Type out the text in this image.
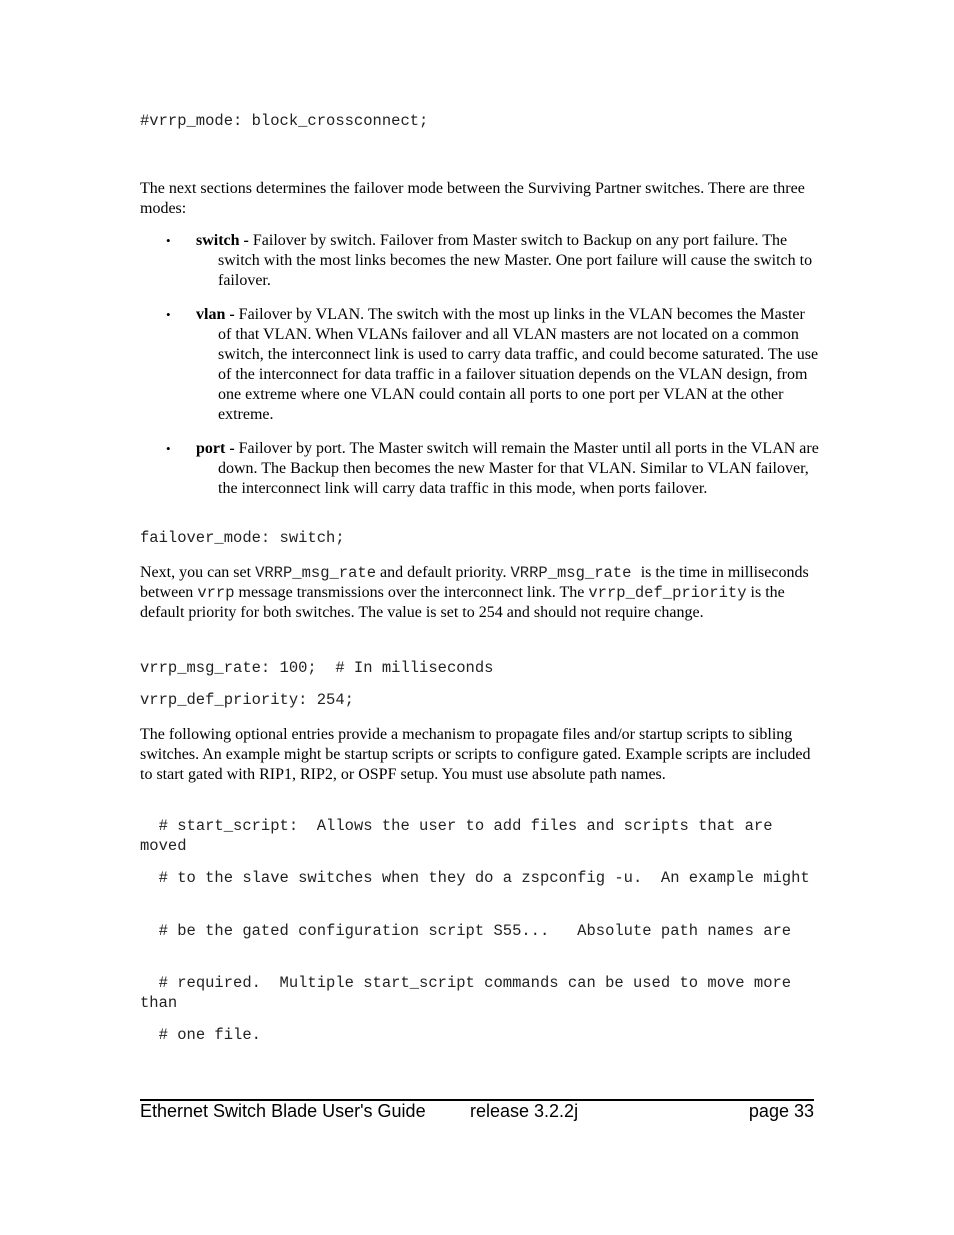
#vrrp_mode: block_crossconnect;
The next sections determines the failover mode between the Surviving Partner switches. There are three modes:
•	switch - Failover by switch. Failover from Master switch to Backup on any port failure. The switch with the most links becomes the new Master. One port failure will cause the switch to failover.
•	vlan - Failover by VLAN. The switch with the most up links in the VLAN becomes the Master of that VLAN. When VLANs failover and all VLAN masters are not located on a common switch, the interconnect link is used to carry data traffic, and could become saturated. The use of the interconnect for data traffic in a failover situation depends on the VLAN design, from one extreme where one VLAN could contain all ports to one port per VLAN at the other extreme.
•	port - Failover by port. The Master switch will remain the Master until all ports in the VLAN are down. The Backup then becomes the new Master for that VLAN. Similar to VLAN failover, the interconnect link will carry data traffic in this mode, when ports failover.
failover_mode: switch;
Next, you can set VRRP_msg_rate and default priority. VRRP_msg_rate is the time in milliseconds between vrrp message transmissions over the interconnect link. The vrrp_def_priority is the default priority for both switches. The value is set to 254 and should not require change.
vrrp_msg_rate: 100;  # In milliseconds
vrrp_def_priority: 254;
The following optional entries provide a mechanism to propagate files and/or startup scripts to sibling switches. An example might be startup scripts or scripts to configure gated. Example scripts are included to start gated with RIP1, RIP2, or OSPF setup. You must use absolute path names.
# start_script:  Allows the user to add files and scripts that are moved
# to the slave switches when they do a zspconfig -u.  An example might
# be the gated configuration script S55...   Absolute path names are
# required.  Multiple start_script commands can be used to move more than
# one file.
Ethernet Switch Blade User's Guide release 3.2.2j	page 33
